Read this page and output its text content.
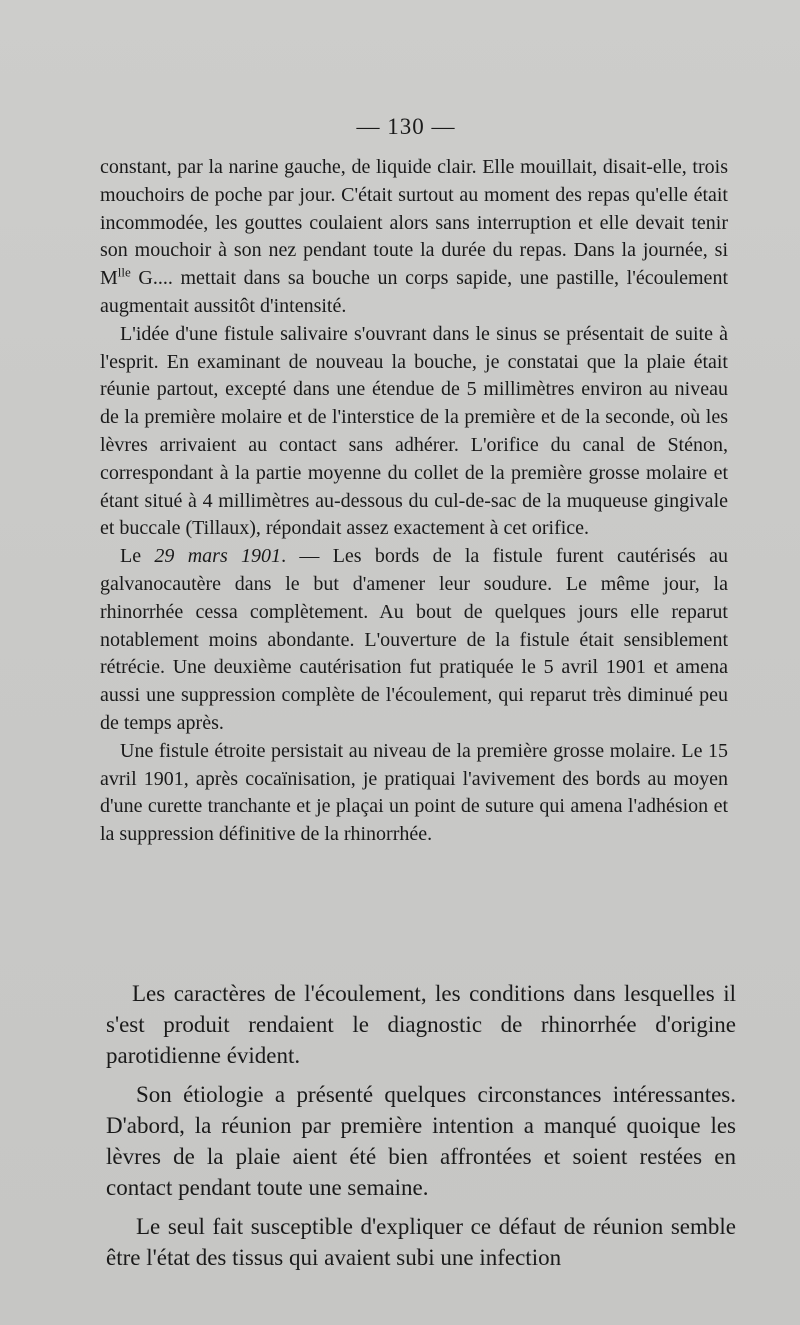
— 130 —

constant, par la narine gauche, de liquide clair. Elle mouillait, disait-elle, trois mouchoirs de poche par jour. C'était surtout au moment des repas qu'elle était incommodée, les gouttes coulaient alors sans interruption et elle devait tenir son mouchoir à son nez pendant toute la durée du repas. Dans la journée, si $M^{lle}$ G.... mettait dans sa bouche un corps sapide, une pastille, l'écoulement augmentait aussitôt d'intensité.

L'idée d'une fistule salivaire s'ouvrant dans le sinus se présentait de suite à l'esprit. En examinant de nouveau la bouche, je constatai que la plaie était réunie partout, excepté dans une étendue de 5 millimètres environ au niveau de la première molaire et de l'interstice de la première et de la seconde, où les lèvres arrivaient au contact sans adhérer. L'orifice du canal de Sténon, correspondant à la partie moyenne du collet de la première grosse molaire et étant situé à 4 millimètres au-dessous du cul-de-sac de la muqueuse gingivale et buccale (Tillaux), répondait assez exactement à cet orifice.

Le 29 mars 1901. — Les bords de la fistule furent cautérisés au galvanocautère dans le but d'amener leur soudure. Le même jour, la rhinorrhée cessa complètement. Au bout de quelques jours elle reparut notablement moins abondante. L'ouverture de la fistule était sensiblement rétrécie. Une deuxième cautérisation fut pratiquée le 5 avril 1901 et amena aussi une suppression complète de l'écoulement, qui reparut très diminué peu de temps après.

Une fistule étroite persistait au niveau de la première grosse molaire. Le 15 avril 1901, après cocaïnisation, je pratiquai l'avivement des bords au moyen d'une curette tranchante et je plaçai un point de suture qui amena l'adhésion et la suppression définitive de la rhinorrhée.

Les caractères de l'écoulement, les conditions dans lesquelles il s'est produit rendaient le diagnostic de rhinorrhée d'origine parotidienne évident.

Son étiologie a présenté quelques circonstances intéressantes. D'abord, la réunion par première intention a manqué quoique les lèvres de la plaie aient été bien affrontées et soient restées en contact pendant toute une semaine.

Le seul fait susceptible d'expliquer ce défaut de réunion semble être l'état des tissus qui avaient subi une infection
